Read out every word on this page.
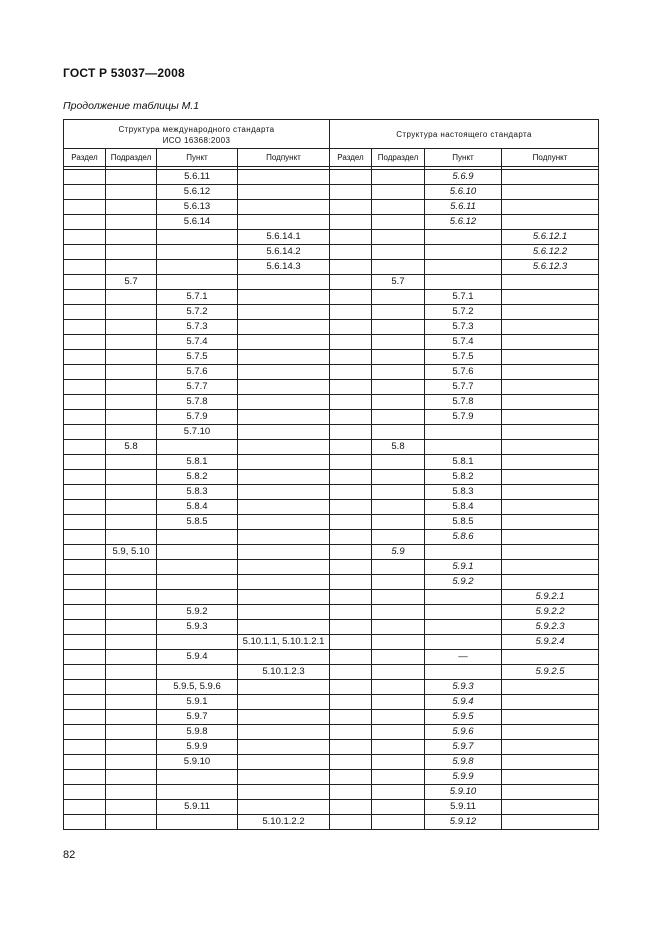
ГОСТ Р 53037—2008
Продолжение таблицы М.1
Структура международного стандарта
ИСО 16368:2003				Структура настоящего стандарта			
Раздел	Подраздел	Пункт	Подпункт	Раздел	Подраздел	Пункт	Подпункт

		5.6.11				5.6.9	
		5.6.12				5.6.10	
		5.6.13				5.6.11	
		5.6.14				5.6.12	
			5.6.14.1				5.6.12.1
			5.6.14.2				5.6.12.2
			5.6.14.3				5.6.12.3
	5.7				5.7		
		5.7.1				5.7.1	
		5.7.2				5.7.2	
		5.7.3				5.7.3	
		5.7.4				5.7.4	
		5.7.5				5.7.5	
		5.7.6				5.7.6	
		5.7.7				5.7.7	
		5.7.8				5.7.8	
		5.7.9				5.7.9	
		5.7.10					
	5.8				5.8		
		5.8.1				5.8.1	
		5.8.2				5.8.2	
		5.8.3				5.8.3	
		5.8.4				5.8.4	
		5.8.5				5.8.5	
						5.8.6	
	5.9, 5.10				5.9		
						5.9.1	
						5.9.2	
							5.9.2.1
		5.9.2					5.9.2.2
		5.9.3					5.9.2.3
			5.10.1.1, 5.10.1.2.1				5.9.2.4
		5.9.4				—	
			5.10.1.2.3				5.9.2.5
		5.9.5, 5.9.6				5.9.3	
		5.9.1				5.9.4	
		5.9.7				5.9.5	
		5.9.8				5.9.6	
		5.9.9				5.9.7	
		5.9.10				5.9.8	
						5.9.9	
						5.9.10	
		5.9.11				5.9.11	
			5.10.1.2.2			5.9.12	
82
